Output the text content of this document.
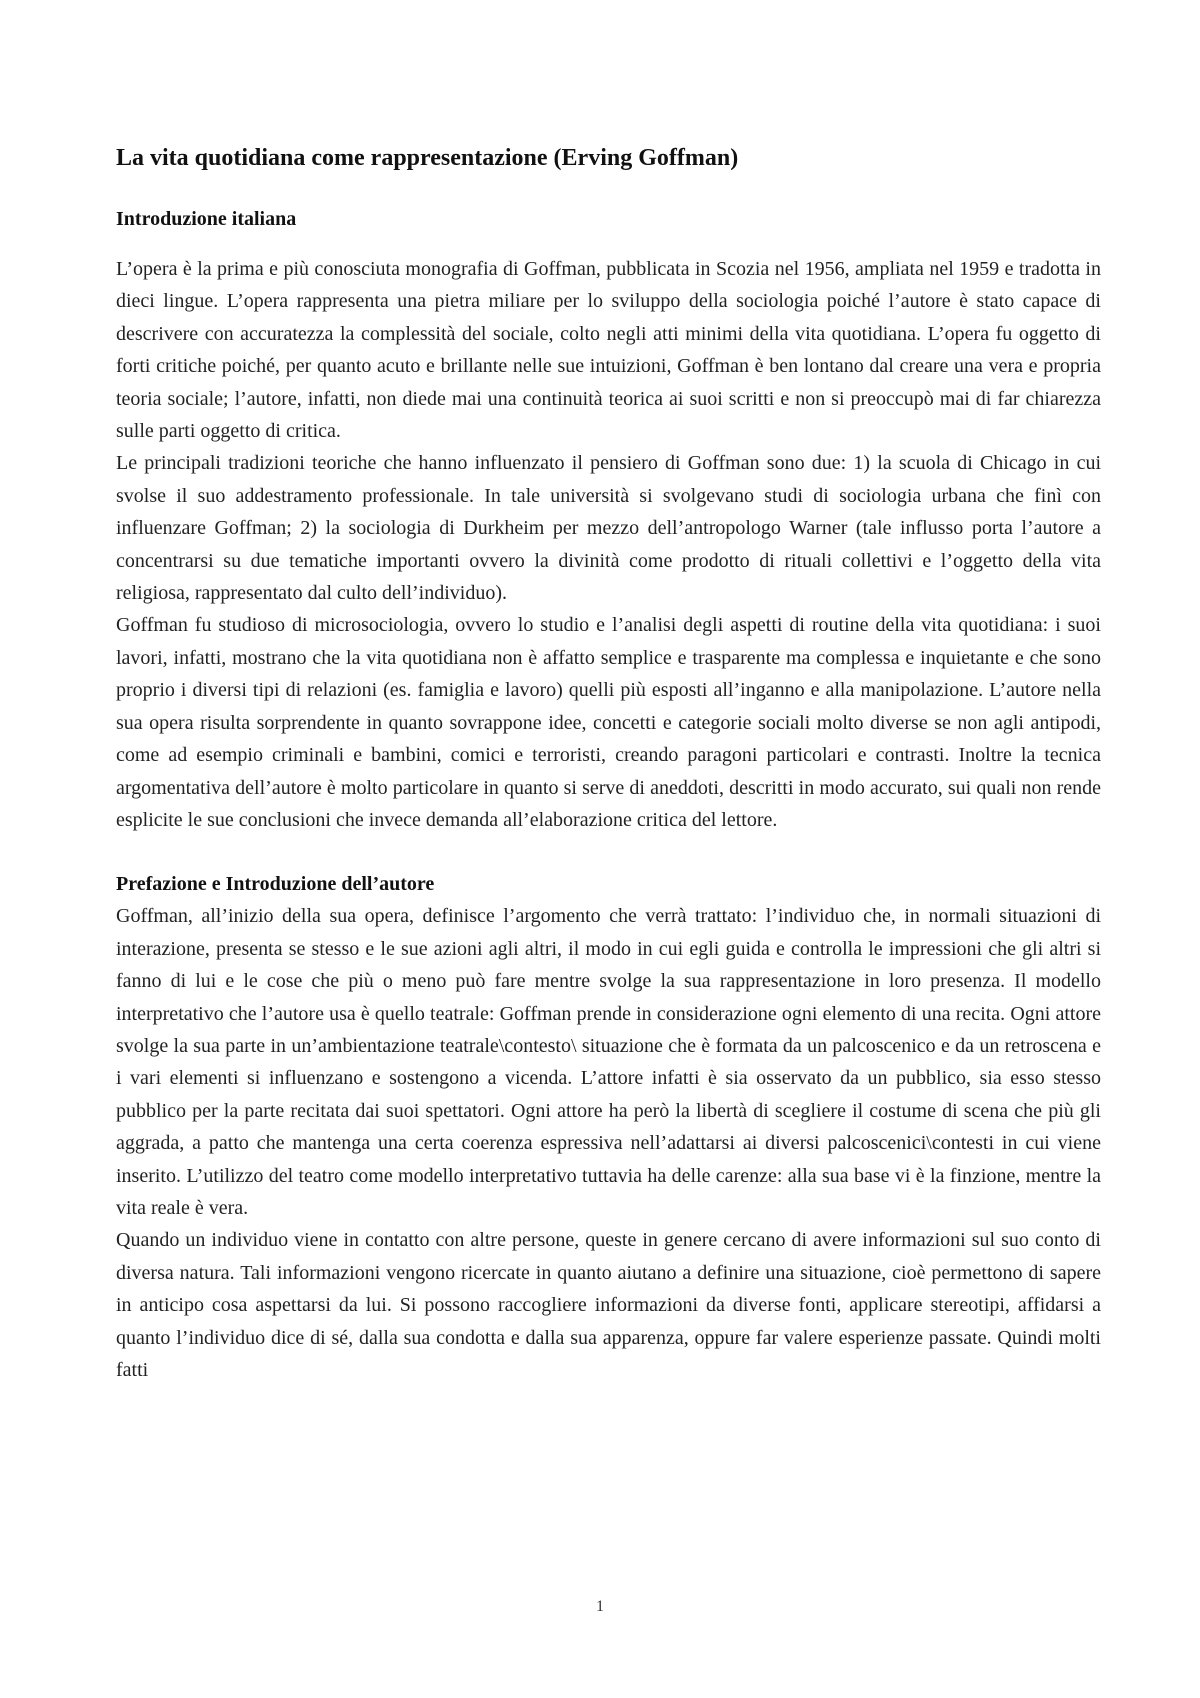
La vita quotidiana come rappresentazione (Erving Goffman)
Introduzione italiana

L’opera è la prima e più conosciuta monografia di Goffman, pubblicata in Scozia nel 1956, ampliata nel 1959 e tradotta in dieci lingue. L’opera rappresenta una pietra miliare per lo sviluppo della sociologia poiché l’autore è stato capace di descrivere con accuratezza la complessità del sociale, colto negli atti minimi della vita quotidiana. L’opera fu oggetto di forti critiche poiché, per quanto acuto e brillante nelle sue intuizioni, Goffman è ben lontano dal creare una vera e propria teoria sociale; l’autore, infatti, non diede mai una continuità teorica ai suoi scritti e non si preoccupò mai di far chiarezza sulle parti oggetto di critica.

Le principali tradizioni teoriche che hanno influenzato il pensiero di Goffman sono due: 1) la scuola di Chicago in cui svolse il suo addestramento professionale. In tale università si svolgevano studi di sociologia urbana che finì con influenzare Goffman; 2) la sociologia di Durkheim per mezzo dell’antropologo Warner (tale influsso porta l’autore a concentrarsi su due tematiche importanti ovvero la divinità come prodotto di rituali collettivi e l’oggetto della vita religiosa, rappresentato dal culto dell’individuo).

Goffman fu studioso di microsociologia, ovvero lo studio e l’analisi degli aspetti di routine della vita quotidiana: i suoi lavori, infatti, mostrano che la vita quotidiana non è affatto semplice e trasparente ma complessa e inquietante e che sono proprio i diversi tipi di relazioni (es. famiglia e lavoro) quelli più esposti all’inganno e alla manipolazione. L’autore nella sua opera risulta sorprendente in quanto sovrappone idee, concetti e categorie sociali molto diverse se non agli antipodi, come ad esempio criminali e bambini, comici e terroristi, creando paragoni particolari e contrasti. Inoltre la tecnica argomentativa dell’autore è molto particolare in quanto si serve di aneddoti, descritti in modo accurato, sui quali non rende esplicite le sue conclusioni che invece demanda all’elaborazione critica del lettore.

Prefazione e Introduzione dell’autore

Goffman, all’inizio della sua opera, definisce l’argomento che verrà trattato: l’individuo che, in normali situazioni di interazione, presenta se stesso e le sue azioni agli altri, il modo in cui egli guida e controlla le impressioni che gli altri si fanno di lui e le cose che più o meno può fare mentre svolge la sua rappresentazione in loro presenza. Il modello interpretativo che l’autore usa è quello teatrale: Goffman prende in considerazione ogni elemento di una recita. Ogni attore svolge la sua parte in un’ambientazione teatrale\contesto\ situazione che è formata da un palcoscenico e da un retroscena e i vari elementi si influenzano e sostengono a vicenda. L’attore infatti è sia osservato da un pubblico, sia esso stesso pubblico per la parte recitata dai suoi spettatori. Ogni attore ha però la libertà di scegliere il costume di scena che più gli aggrada, a patto che mantenga una certa coerenza espressiva nell’adattarsi ai diversi palcoscenici\contesti in cui viene inserito. L’utilizzo del teatro come modello interpretativo tuttavia ha delle carenze: alla sua base vi è la finzione, mentre la vita reale è vera.

Quando un individuo viene in contatto con altre persone, queste in genere cercano di avere informazioni sul suo conto di diversa natura. Tali informazioni vengono ricercate in quanto aiutano a definire una situazione, cioè permettono di sapere in anticipo cosa aspettarsi da lui. Si possono raccogliere informazioni da diverse fonti, applicare stereotipi, affidarsi a quanto l’individuo dice di sé, dalla sua condotta e dalla sua apparenza, oppure far valere esperienze passate. Quindi molti fatti

1
